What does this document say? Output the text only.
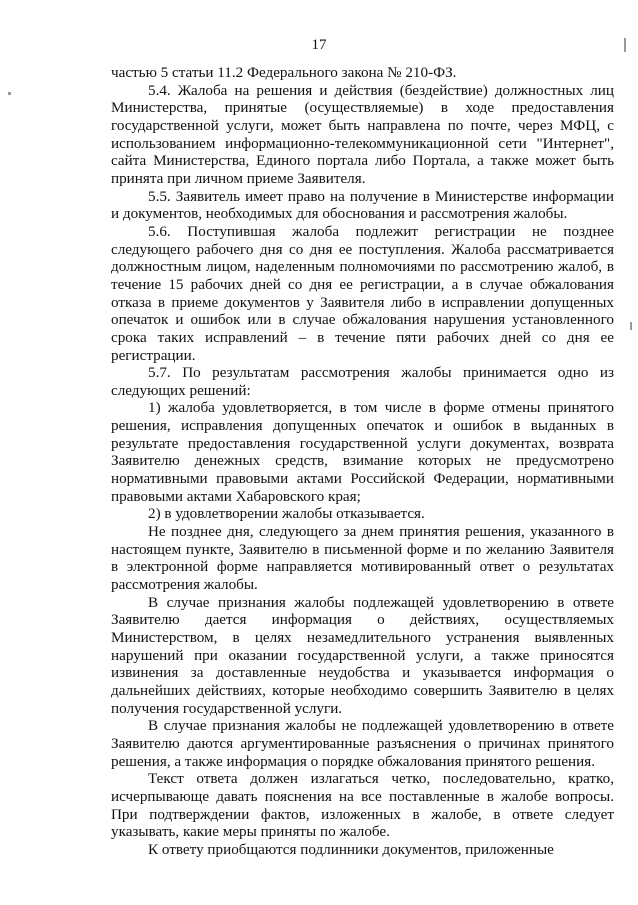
17

частью 5 статьи 11.2 Федерального закона № 210-ФЗ.

5.4. Жалоба на решения и действия (бездействие) должностных лиц Министерства, принятые (осуществляемые) в ходе предоставления государственной услуги, может быть направлена по почте, через МФЦ, с использованием информационно-телекоммуникационной сети "Интернет", сайта Министерства, Единого портала либо Портала, а также может быть принята при личном приеме Заявителя.

5.5. Заявитель имеет право на получение в Министерстве информации и документов, необходимых для обоснования и рассмотрения жалобы.

5.6. Поступившая жалоба подлежит регистрации не позднее следующего рабочего дня со дня ее поступления. Жалоба рассматривается должностным лицом, наделенным полномочиями по рассмотрению жалоб, в течение 15 рабочих дней со дня ее регистрации, а в случае обжалования отказа в приеме документов у Заявителя либо в исправлении допущенных опечаток и ошибок или в случае обжалования нарушения установленного срока таких исправлений – в течение пяти рабочих дней со дня ее регистрации.

5.7. По результатам рассмотрения жалобы принимается одно из следующих решений:

1) жалоба удовлетворяется, в том числе в форме отмены принятого решения, исправления допущенных опечаток и ошибок в выданных в результате предоставления государственной услуги документах, возврата Заявителю денежных средств, взимание которых не предусмотрено нормативными правовыми актами Российской Федерации, нормативными правовыми актами Хабаровского края;

2) в удовлетворении жалобы отказывается.

Не позднее дня, следующего за днем принятия решения, указанного в настоящем пункте, Заявителю в письменной форме и по желанию Заявителя в электронной форме направляется мотивированный ответ о результатах рассмотрения жалобы.

В случае признания жалобы подлежащей удовлетворению в ответе Заявителю дается информация о действиях, осуществляемых Министерством, в целях незамедлительного устранения выявленных нарушений при оказании государственной услуги, а также приносятся извинения за доставленные неудобства и указывается информация о дальнейших действиях, которые необходимо совершить Заявителю в целях получения государственной услуги.

В случае признания жалобы не подлежащей удовлетворению в ответе Заявителю даются аргументированные разъяснения о причинах принятого решения, а также информация о порядке обжалования принятого решения.

Текст ответа должен излагаться четко, последовательно, кратко, исчерпывающе давать пояснения на все поставленные в жалобе вопросы. При подтверждении фактов, изложенных в жалобе, в ответе следует указывать, какие меры приняты по жалобе.

К ответу приобщаются подлинники документов, приложенные
